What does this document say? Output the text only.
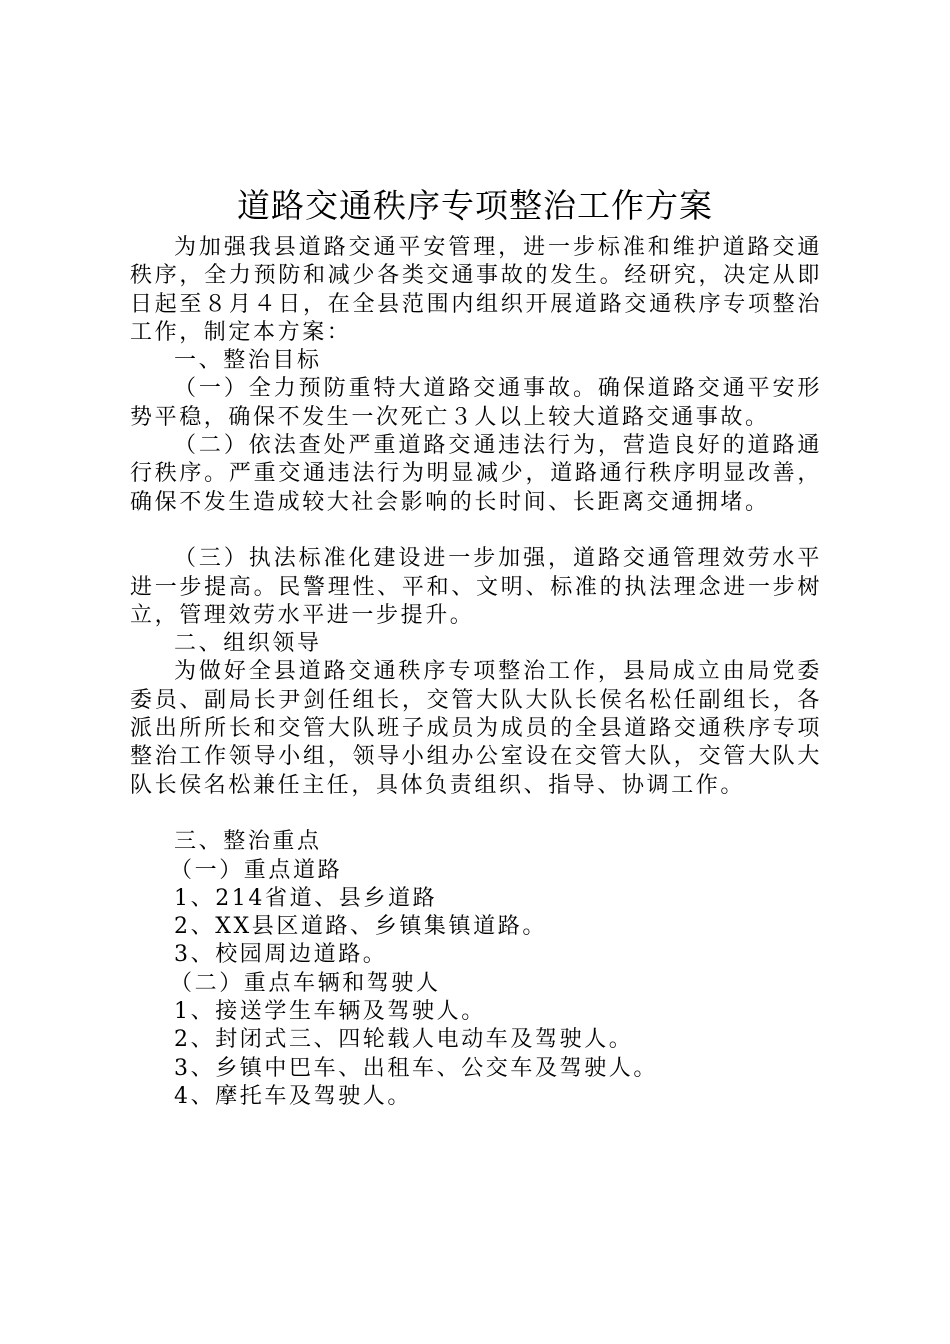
道路交通秩序专项整治工作方案

为加强我县道路交通平安管理，进一步标准和维护道路交通秩序，全力预防和减少各类交通事故的发生。经研究，决定从即日起至８月４日，在全县范围内组织开展道路交通秩序专项整治工作，制定本方案：

一、整治目标

（一）全力预防重特大道路交通事故。确保道路交通平安形势平稳，确保不发生一次死亡３人以上较大道路交通事故。

（二）依法查处严重道路交通违法行为，营造良好的道路通行秩序。严重交通违法行为明显减少，道路通行秩序明显改善，确保不发生造成较大社会影响的长时间、长距离交通拥堵。

（三）执法标准化建设进一步加强，道路交通管理效劳水平进一步提高。民警理性、平和、文明、标准的执法理念进一步树立，管理效劳水平进一步提升。

二、组织领导

为做好全县道路交通秩序专项整治工作，县局成立由局党委委员、副局长尹剑任组长，交管大队大队长侯名松任副组长，各派出所所长和交管大队班子成员为成员的全县道路交通秩序专项整治工作领导小组，领导小组办公室设在交管大队，交管大队大队长侯名松兼任主任，具体负责组织、指导、协调工作。

三、整治重点

（一）重点道路

1、214省道、县乡道路

2、XX县区道路、乡镇集镇道路。

3、校园周边道路。

（二）重点车辆和驾驶人

1、接送学生车辆及驾驶人。

2、封闭式三、四轮载人电动车及驾驶人。

3、乡镇中巴车、出租车、公交车及驾驶人。

4、摩托车及驾驶人。
